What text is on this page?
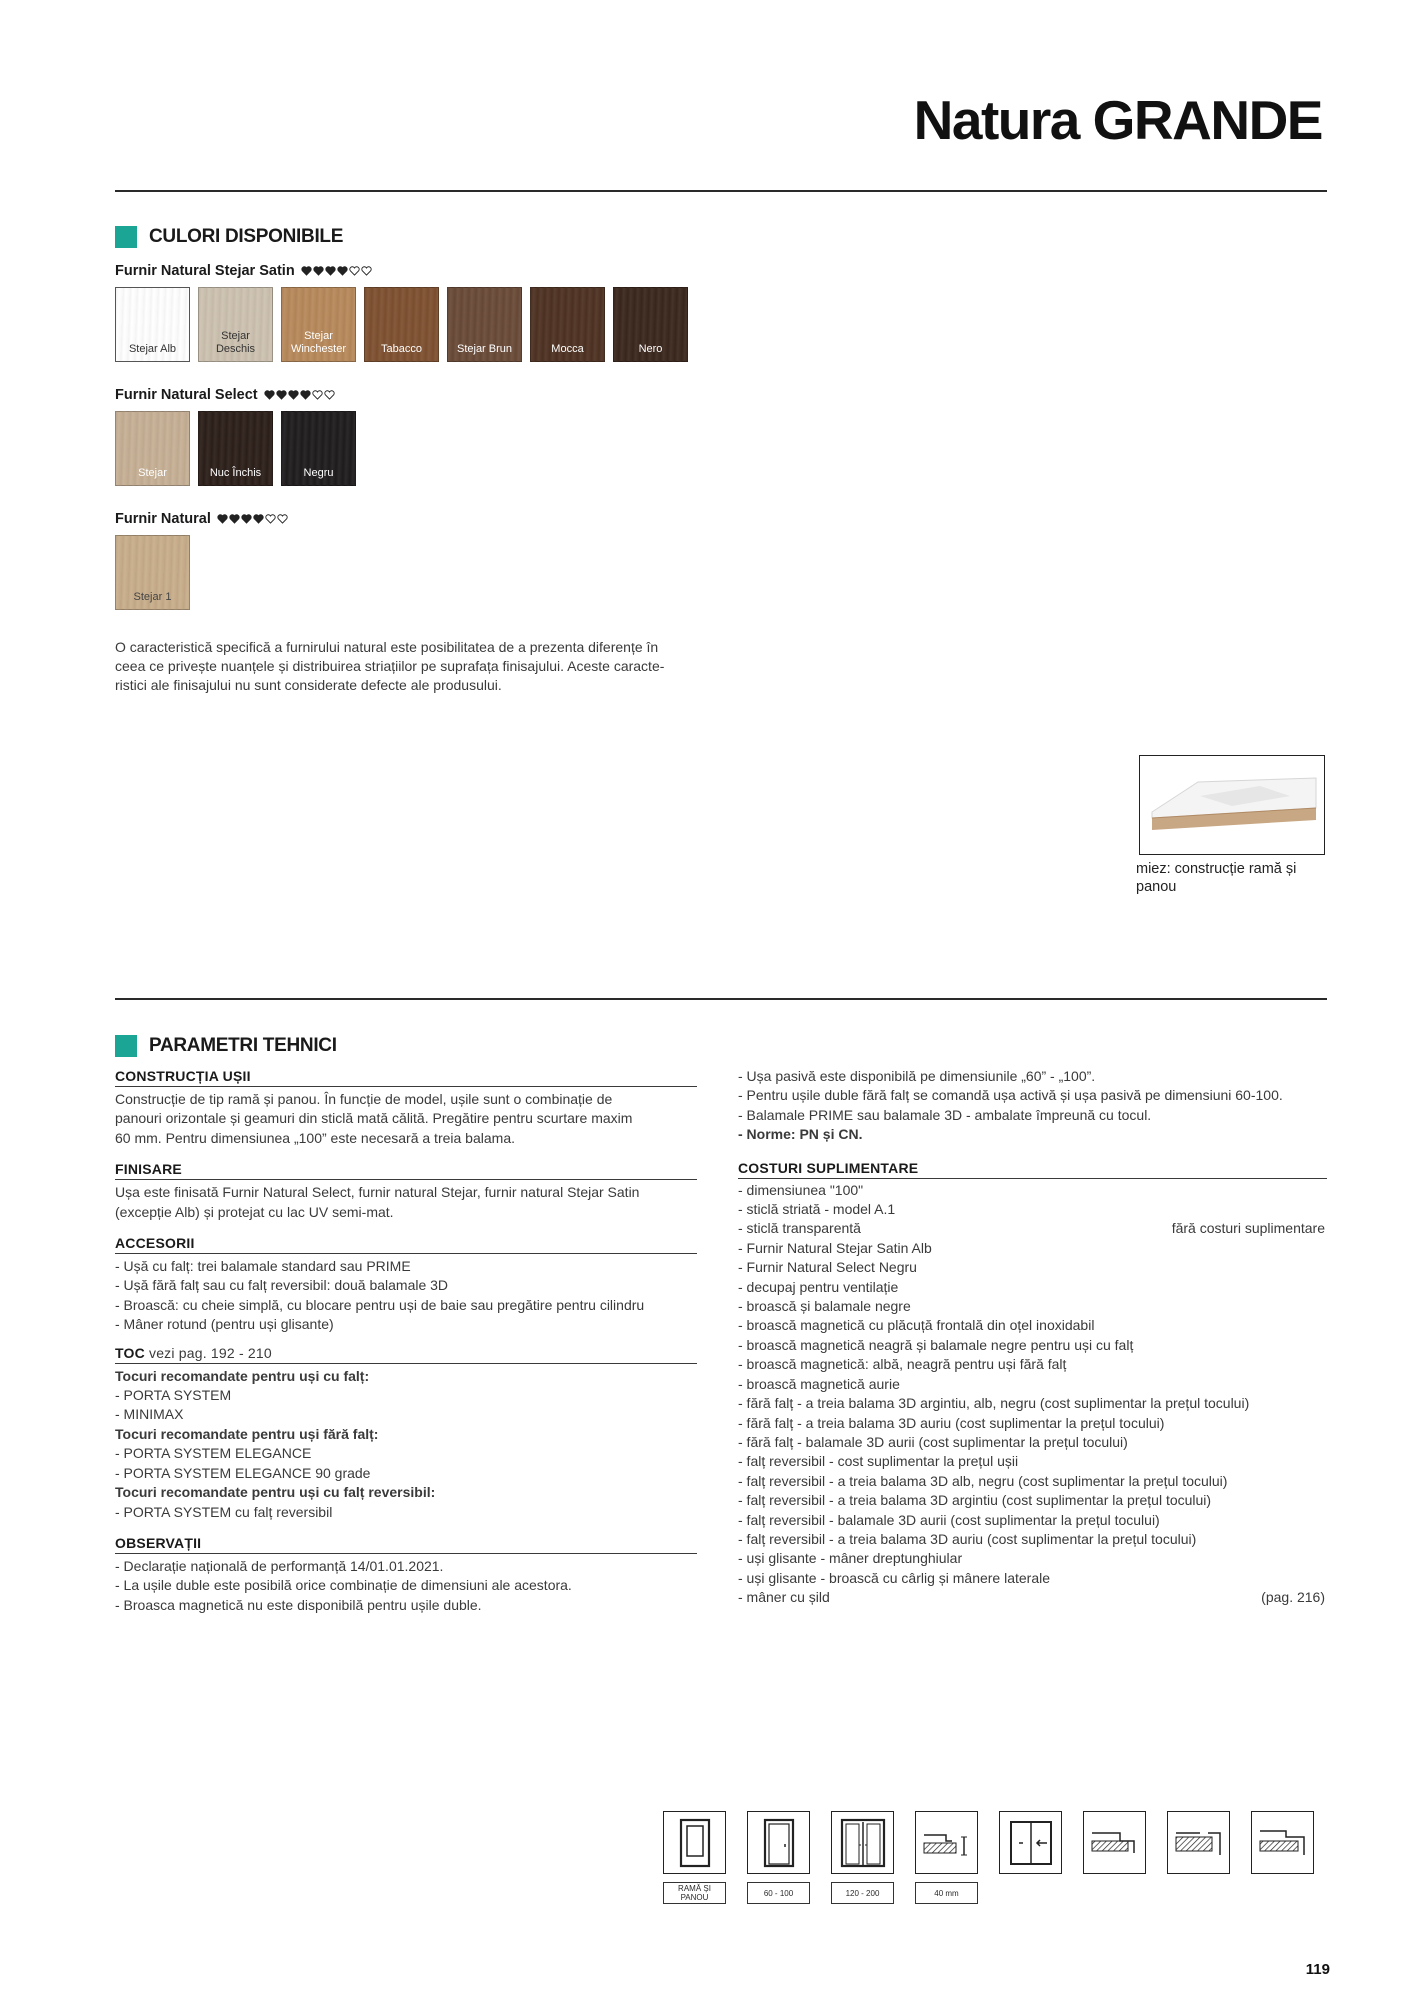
Natura GRANDE
CULORI DISPONIBILE
Furnir Natural Stejar Satin
Stejar Alb
Stejar Deschis
Stejar Winchester	Tabacco	Stejar Brun	Mocca	Nero
Furnir Natural Select
Stejar	Nuc Închis	Negru
Furnir Natural
Stejar 1
O caracteristică specifică a furnirului natural este posibilitatea de a prezenta diferențe în
ceea ce privește nuanțele și distribuirea striațiilor pe suprafața finisajului. Aceste caracte-
ristici ale finisajului nu sunt considerate defecte ale produsului.
miez: construcție ramă și
panou
PARAMETRI TEHNICI
CONSTRUCȚIA UȘII
Construcție de tip ramă și panou. În funcție de model, ușile sunt o combinație de
panouri orizontale și geamuri din sticlă mată călită. Pregătire pentru scurtare maxim
60 mm. Pentru dimensiunea „100” este necesară a treia balama.
FINISARE
Ușa este finisată Furnir Natural Select, furnir natural Stejar, furnir natural Stejar Satin
(excepție Alb) și protejat cu lac UV semi-mat.
ACCESORII
- Ușă cu falț: trei balamale standard sau PRIME
- Ușă fără falț sau cu falț reversibil: două balamale 3D
- Broască: cu cheie simplă, cu blocare pentru uși de baie sau pregătire pentru cilindru
- Mâner rotund (pentru uși glisante)
TOC vezi pag. 192 - 210
Tocuri recomandate pentru uși cu falț:
- PORTA SYSTEM
- MINIMAX
Tocuri recomandate pentru uși fără falț:
- PORTA SYSTEM ELEGANCE
- PORTA SYSTEM ELEGANCE 90 grade
Tocuri recomandate pentru uși cu falț reversibil:
- PORTA SYSTEM cu falț reversibil
OBSERVAȚII
- Declarație națională de performanță 14/01.01.2021.
- La ușile duble este posibilă orice combinație de dimensiuni ale acestora.
- Broasca magnetică nu este disponibilă pentru ușile duble.
- Ușa pasivă este disponibilă pe dimensiunile „60” - „100”.
- Pentru ușile duble fără falț se comandă ușa activă și ușa pasivă pe dimensiuni 60-100.
- Balamale PRIME sau balamale 3D - ambalate împreună cu tocul.
- Norme: PN și CN.
COSTURI SUPLIMENTARE
- dimensiunea "100"
- sticlă striată - model A.1
- sticlă transparentă	fără costuri suplimentare
- Furnir Natural Stejar Satin Alb
- Furnir Natural Select Negru
- decupaj pentru ventilație
- broască și balamale negre
- broască magnetică cu plăcuță frontală din oțel inoxidabil
- broască magnetică neagră și balamale negre pentru uși cu falț
- broască magnetică: albă, neagră pentru uși fără falț
- broască magnetică aurie
- fără falț - a treia balama 3D argintiu, alb, negru (cost suplimentar la prețul tocului)
- fără falț - a treia balama 3D auriu (cost suplimentar la prețul tocului)
- fără falț - balamale 3D aurii (cost suplimentar la prețul tocului)
- falț reversibil - cost suplimentar la prețul ușii
- falț reversibil - a treia balama 3D alb, negru (cost suplimentar la prețul tocului)
- falț reversibil - a treia balama 3D argintiu (cost suplimentar la prețul tocului)
- falț reversibil - balamale 3D aurii (cost suplimentar la prețul tocului)
- falț reversibil - a treia balama 3D auriu (cost suplimentar la prețul tocului)
- uși glisante - mâner dreptunghiular
- uși glisante - broască cu cârlig și mânere laterale
- mâner cu șild	(pag. 216)
RAMĂ ȘI PANOU	60 - 100	120 - 200	40 mm
119
